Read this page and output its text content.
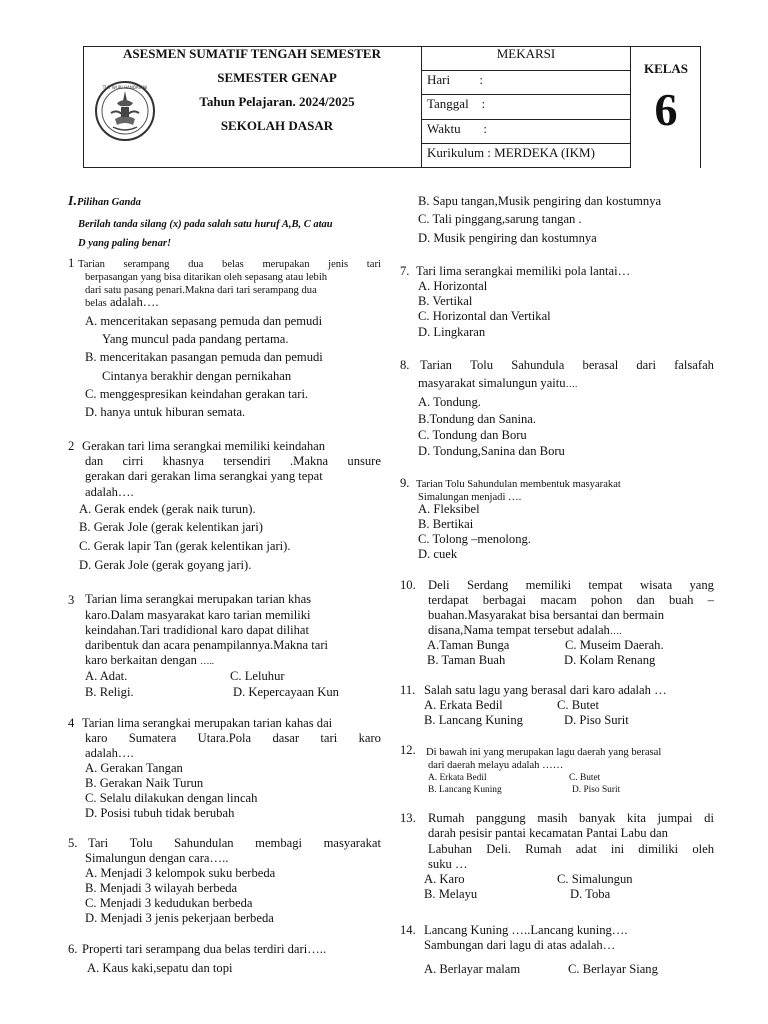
TUT WURI HANDAYANI
ASESMEN SUMATIF TENGAH SEMESTER
SEMESTER GENAP
Tahun Pelajaran. 2024/2025
SEKOLAH DASAR
MEKARSI
Hari         :
Tanggal    :
Waktu       :
Kurikulum : MERDEKA (IKM)
KELAS
6
I.Pilihan Ganda
Berilah tanda silang (x) pada salah satu huruf A,B, C atau
D yang paling benar!
1 Tarian serampang dua belas merupakan jenis tari
berpasangan yang bisa ditarikan oleh sepasang atau lebih
dari satu pasang penari.Makna dari tari serampang dua
belas adalah….
A. menceritakan sepasang pemuda dan pemudi
Yang muncul pada pandang pertama.
B. menceritakan pasangan pemuda dan pemudi
Cintanya berakhir dengan pernikahan
C. menggespresikan keindahan gerakan tari.
D. hanya untuk hiburan semata.
2 Gerakan tari lima serangkai memiliki keindahan
dan cirri khasnya tersendiri .Makna unsure
gerakan dari gerakan lima serangkai yang tepat
adalah….
A. Gerak endek (gerak naik turun).
B. Gerak Jole (gerak kelentikan jari)
C. Gerak lapir Tan (gerak kelentikan jari).
D. Gerak Jole (gerak goyang jari).
3 Tarian lima serangkai merupakan tarian khas
karo.Dalam masyarakat karo tarian memiliki
keindahan.Tari tradidional karo dapat dilihat
daribentuk dan acara penampilannya.Makna tari
karo berkaitan dengan …..
A. Adat.	C. Leluhur
B. Religi.	D. Kepercayaan Kun
4 Tarian lima serangkai merupakan tarian kahas dai
karo Sumatera Utara.Pola dasar tari karo
adalah….
A. Gerakan Tangan
B. Gerakan Naik Turun
C. Selalu dilakukan dengan lincah
D. Posisi tubuh tidak berubah
5. Tari Tolu Sahundulan membagi masyarakat
Simalungun dengan cara…..
A. Menjadi 3 kelompok suku berbeda
B. Menjadi 3 wilayah berbeda
C. Menjadi 3 kedudukan berbeda
D. Menjadi 3 jenis pekerjaan berbeda
6. Properti tari serampang dua belas terdiri dari…..
A. Kaus kaki,sepatu dan topi
B. Sapu tangan,Musik pengiring dan kostumnya
C. Tali pinggang,sarung tangan .
D. Musik pengiring dan kostumnya
7. Tari lima serangkai memiliki pola lantai…
A. Horizontal
B. Vertikal
C. Horizontal dan Vertikal
D. Lingkaran
8. Tarian Tolu Sahundula berasal dari falsafah
masyarakat simalungun yaitu….
A. Tondung.
B.Tondung dan Sanina.
C. Tondung dan Boru
D. Tondung,Sanina dan Boru
9. Tarian Tolu Sahundulan membentuk masyarakat
Simalungan menjadi ….
A. Fleksibel
B. Bertikai
C. Tolong –menolong.
D. cuek
10. Deli Serdang memiliki tempat wisata yang
terdapat berbagai macam pohon dan buah –
buahan.Masyarakat bisa bersantai dan bermain
disana,Nama tempat tersebut adalah….
A.Taman Bunga	C. Museim Daerah.
B. Taman Buah	D. Kolam Renang
11. Salah satu lagu yang berasal dari karo adalah …
A. Erkata Bedil	C. Butet
B. Lancang Kuning	D. Piso Surit
12. Di bawah ini yang merupakan lagu daerah yang berasal
dari daerah melayu adalah ……
A. Erkata Bedil	C. Butet
B. Lancang Kuning	D. Piso Surit
13. Rumah panggung masih banyak kita jumpai di
darah pesisir pantai kecamatan Pantai Labu dan
Labuhan Deli. Rumah adat ini dimiliki oleh
suku …
A. Karo	C. Simalungun
B. Melayu	D. Toba
14. Lancang Kuning …..Lancang kuning….
Sambungan dari lagu di atas adalah…
A. Berlayar malam	C. Berlayar Siang
